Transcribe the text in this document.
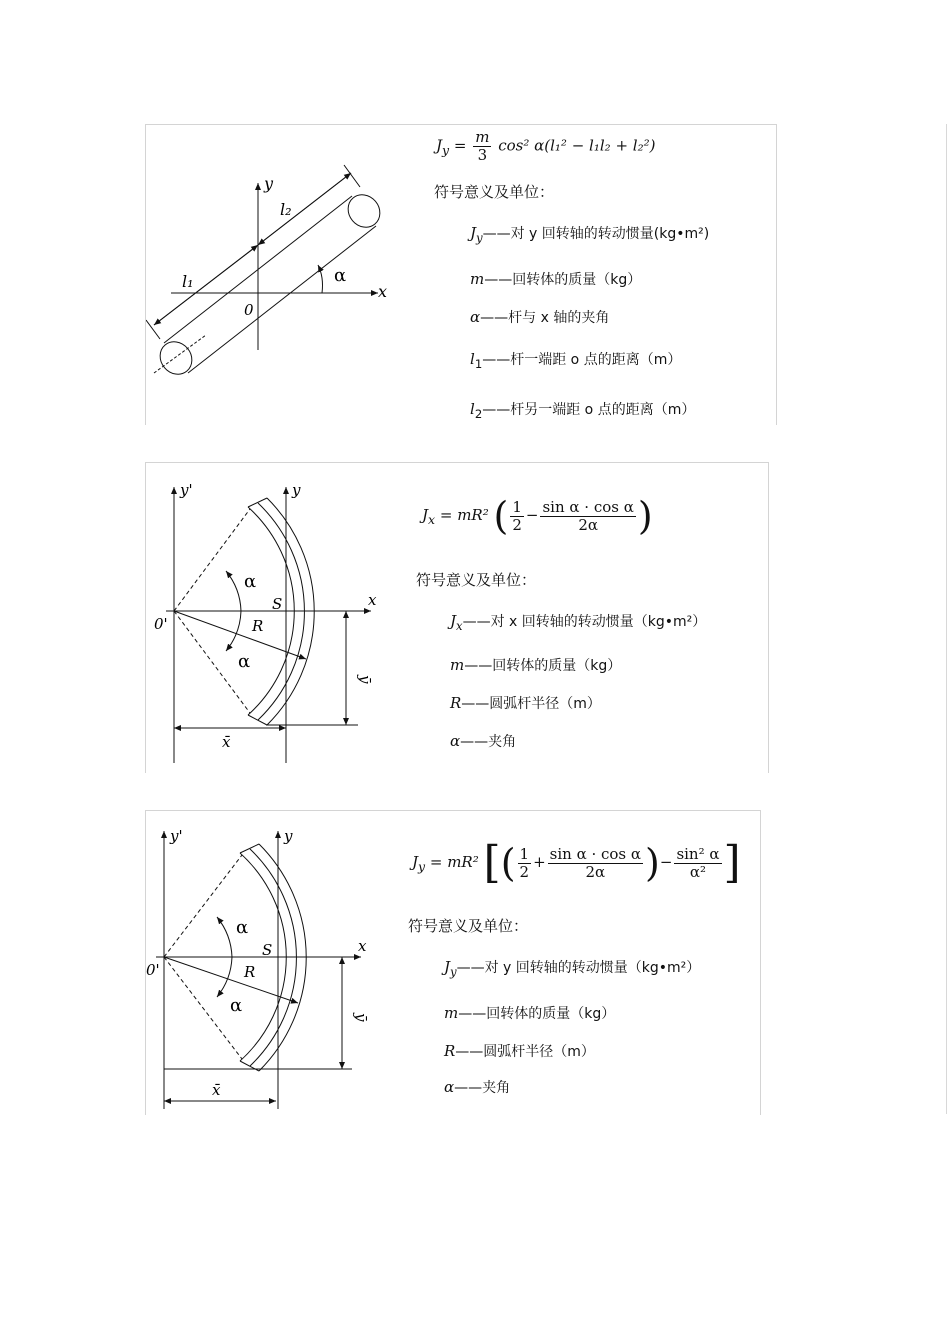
y
x
0
α
l₁
l₂
$J_y = \frac{m}{3} \cos^2$ α(l₁² − l₁l₂ + l₂²)
符号意义及单位：
$J_y——$对 y 回转轴的转动惯量(kg•m²)
m——回转体的质量（kg）
α——杆与 x 轴的夹角
$l_1——$杆一端距 o 点的距离（m）
$l_2——$杆另一端距 o 点的距离（m）
y'	y
x
0'
S
R
α
α
x̄
ȳ
$J_x = mR^2$ ( $\frac{1}{2} - \frac{\text{sin α · cos α}}{2\alpha}$ )
符号意义及单位：
$J_x——$对 x 回转轴的转动惯量（kg•m²）
m——回转体的质量（kg）
R——圆弧杆半径（m）
α——夹角
y'	y
x
0'
S
R
α
α
x̄
ȳ
$J_y = mR^2$ [( $\frac{1}{2} + \frac{\text{sin α · cos α}}{2\alpha}$ )− $\frac{\text{sin² α}}{\text{α²}}$ ]
符号意义及单位：
$J_y——$对 y 回转轴的转动惯量（kg•m²）
m——回转体的质量（kg）
R——圆弧杆半径（m）
α——夹角
